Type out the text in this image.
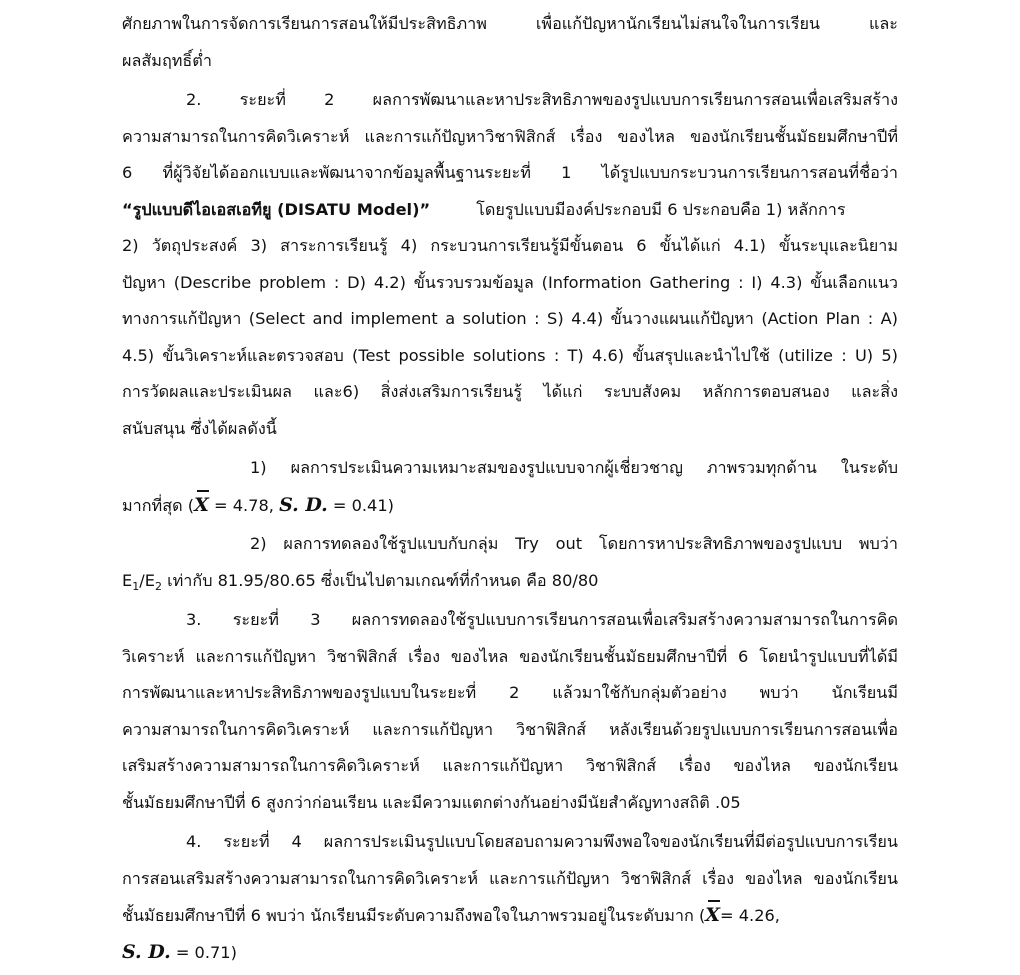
ศักยภาพในการจัดการเรียนการสอนให้มีประสิทธิภาพ เพื่อแก้ปัญหานักเรียนไม่สนใจในการเรียน และ
ผลสัมฤทธิ์ต่ำ
2. ระยะที่ 2 ผลการพัฒนาและหาประสิทธิภาพของรูปแบบการเรียนการสอนเพื่อเสริมสร้าง
ความสามารถในการคิดวิเคราะห์ และการแก้ปัญหาวิชาฟิสิกส์ เรื่อง ของไหล ของนักเรียนชั้นมัธยมศึกษาปีที่
6 ที่ผู้วิจัยได้ออกแบบและพัฒนาจากข้อมูลพื้นฐานระยะที่ 1 ได้รูปแบบกระบวนการเรียนการสอนที่ชื่อว่า
“รูปแบบดีไอเอสเอทียู (DISATU Model)”	โดยรูปแบบมีองค์ประกอบมี 6 ประกอบคือ 1) หลักการ
2) วัตถุประสงค์ 3) สาระการเรียนรู้ 4) กระบวนการเรียนรู้มีขั้นตอน 6 ขั้นได้แก่ 4.1) ขั้นระบุและนิยาม
ปัญหา (Describe problem : D) 4.2) ขั้นรวบรวมข้อมูล (Information Gathering : I) 4.3) ขั้นเลือกแนว
ทางการแก้ปัญหา (Select and implement a solution : S) 4.4) ขั้นวางแผนแก้ปัญหา (Action Plan : A)
4.5) ขั้นวิเคราะห์และตรวจสอบ (Test possible solutions : T) 4.6) ขั้นสรุปและนำไปใช้ (utilize : U) 5)
การวัดผลและประเมินผล และ6) สิ่งส่งเสริมการเรียนรู้ ได้แก่ ระบบสังคม หลักการตอบสนอง และสิ่ง
สนับสนุน ซึ่งได้ผลดังนี้
1) ผลการประเมินความเหมาะสมของรูปแบบจากผู้เชี่ยวชาญ ภาพรวมทุกด้าน ในระดับ
มากที่สุด (X = 4.78, S. D. = 0.41)
2) ผลการทดลองใช้รูปแบบกับกลุ่ม Try out โดยการหาประสิทธิภาพของรูปแบบ พบว่า
$E_1/E_2$ เท่ากับ 81.95/80.65 ซึ่งเป็นไปตามเกณฑ์ที่กำหนด คือ 80/80
3. ระยะที่ 3 ผลการทดลองใช้รูปแบบการเรียนการสอนเพื่อเสริมสร้างความสามารถในการคิด
วิเคราะห์ และการแก้ปัญหา วิชาฟิสิกส์ เรื่อง ของไหล ของนักเรียนชั้นมัธยมศึกษาปีที่ 6 โดยนำรูปแบบที่ได้มี
การพัฒนาและหาประสิทธิภาพของรูปแบบในระยะที่ 2 แล้วมาใช้กับกลุ่มตัวอย่าง พบว่า นักเรียนมี
ความสามารถในการคิดวิเคราะห์ และการแก้ปัญหา วิชาฟิสิกส์ หลังเรียนด้วยรูปแบบการเรียนการสอนเพื่อ
เสริมสร้างความสามารถในการคิดวิเคราะห์ และการแก้ปัญหา วิชาฟิสิกส์ เรื่อง ของไหล ของนักเรียน
ชั้นมัธยมศึกษาปีที่ 6 สูงกว่าก่อนเรียน และมีความแตกต่างกันอย่างมีนัยสำคัญทางสถิติ .05
4. ระยะที่ 4 ผลการประเมินรูปแบบโดยสอบถามความพึงพอใจของนักเรียนที่มีต่อรูปแบบการเรียน
การสอนเสริมสร้างความสามารถในการคิดวิเคราะห์ และการแก้ปัญหา วิชาฟิสิกส์ เรื่อง ของไหล ของนักเรียน
ชั้นมัธยมศึกษาปีที่ 6 พบว่า นักเรียนมีระดับความถึงพอใจในภาพรวมอยู่ในระดับมาก (X= 4.26,
S. D. = 0.71)
